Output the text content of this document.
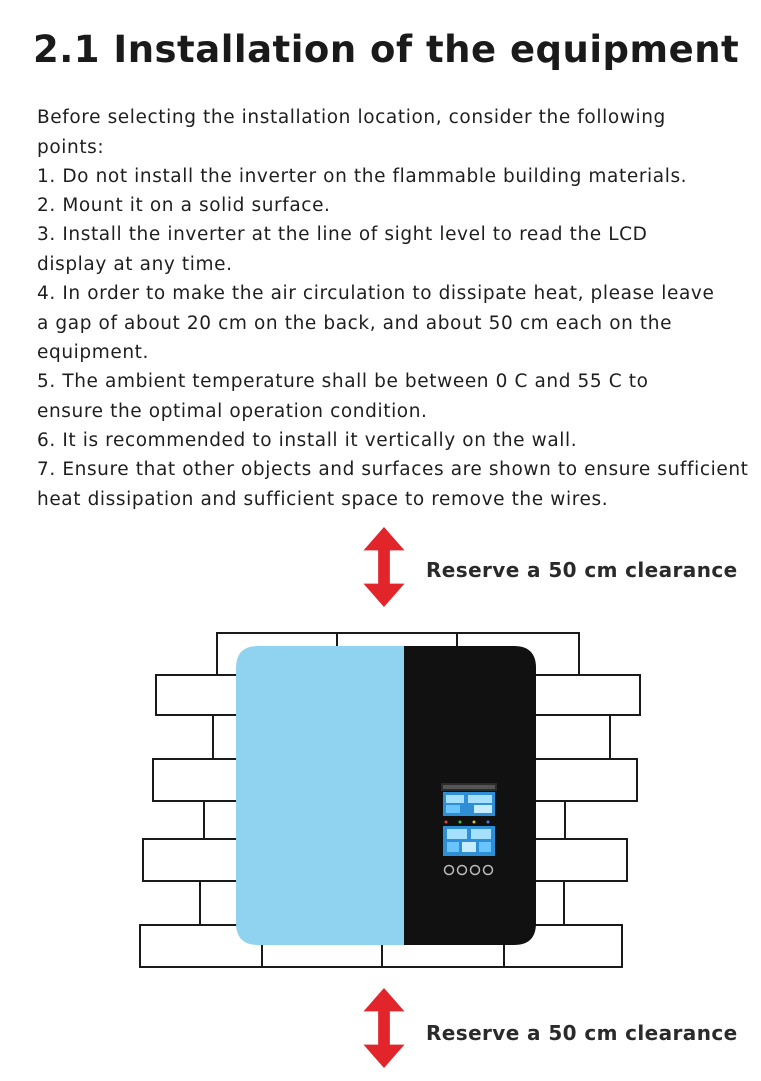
2.1 Installation of the equipment

Before selecting the installation location, consider the following points:

1. Do not install the inverter on the flammable building materials.

2. Mount it on a solid surface.

3. Install the inverter at the line of sight level to read the LCD display at any time.

4. In order to make the air circulation to dissipate heat, please leave a gap of about 20 cm on the back, and about 50 cm each on the equipment.

5. The ambient temperature shall be between 0 C and 55 C to ensure the optimal operation condition.

6. It is recommended to install it vertically on the wall.

7. Ensure that other objects and surfaces are shown to ensure sufficient heat dissipation and sufficient space to remove the wires.

Reserve a 50 cm clearance
Reserve a 50 cm clearance
